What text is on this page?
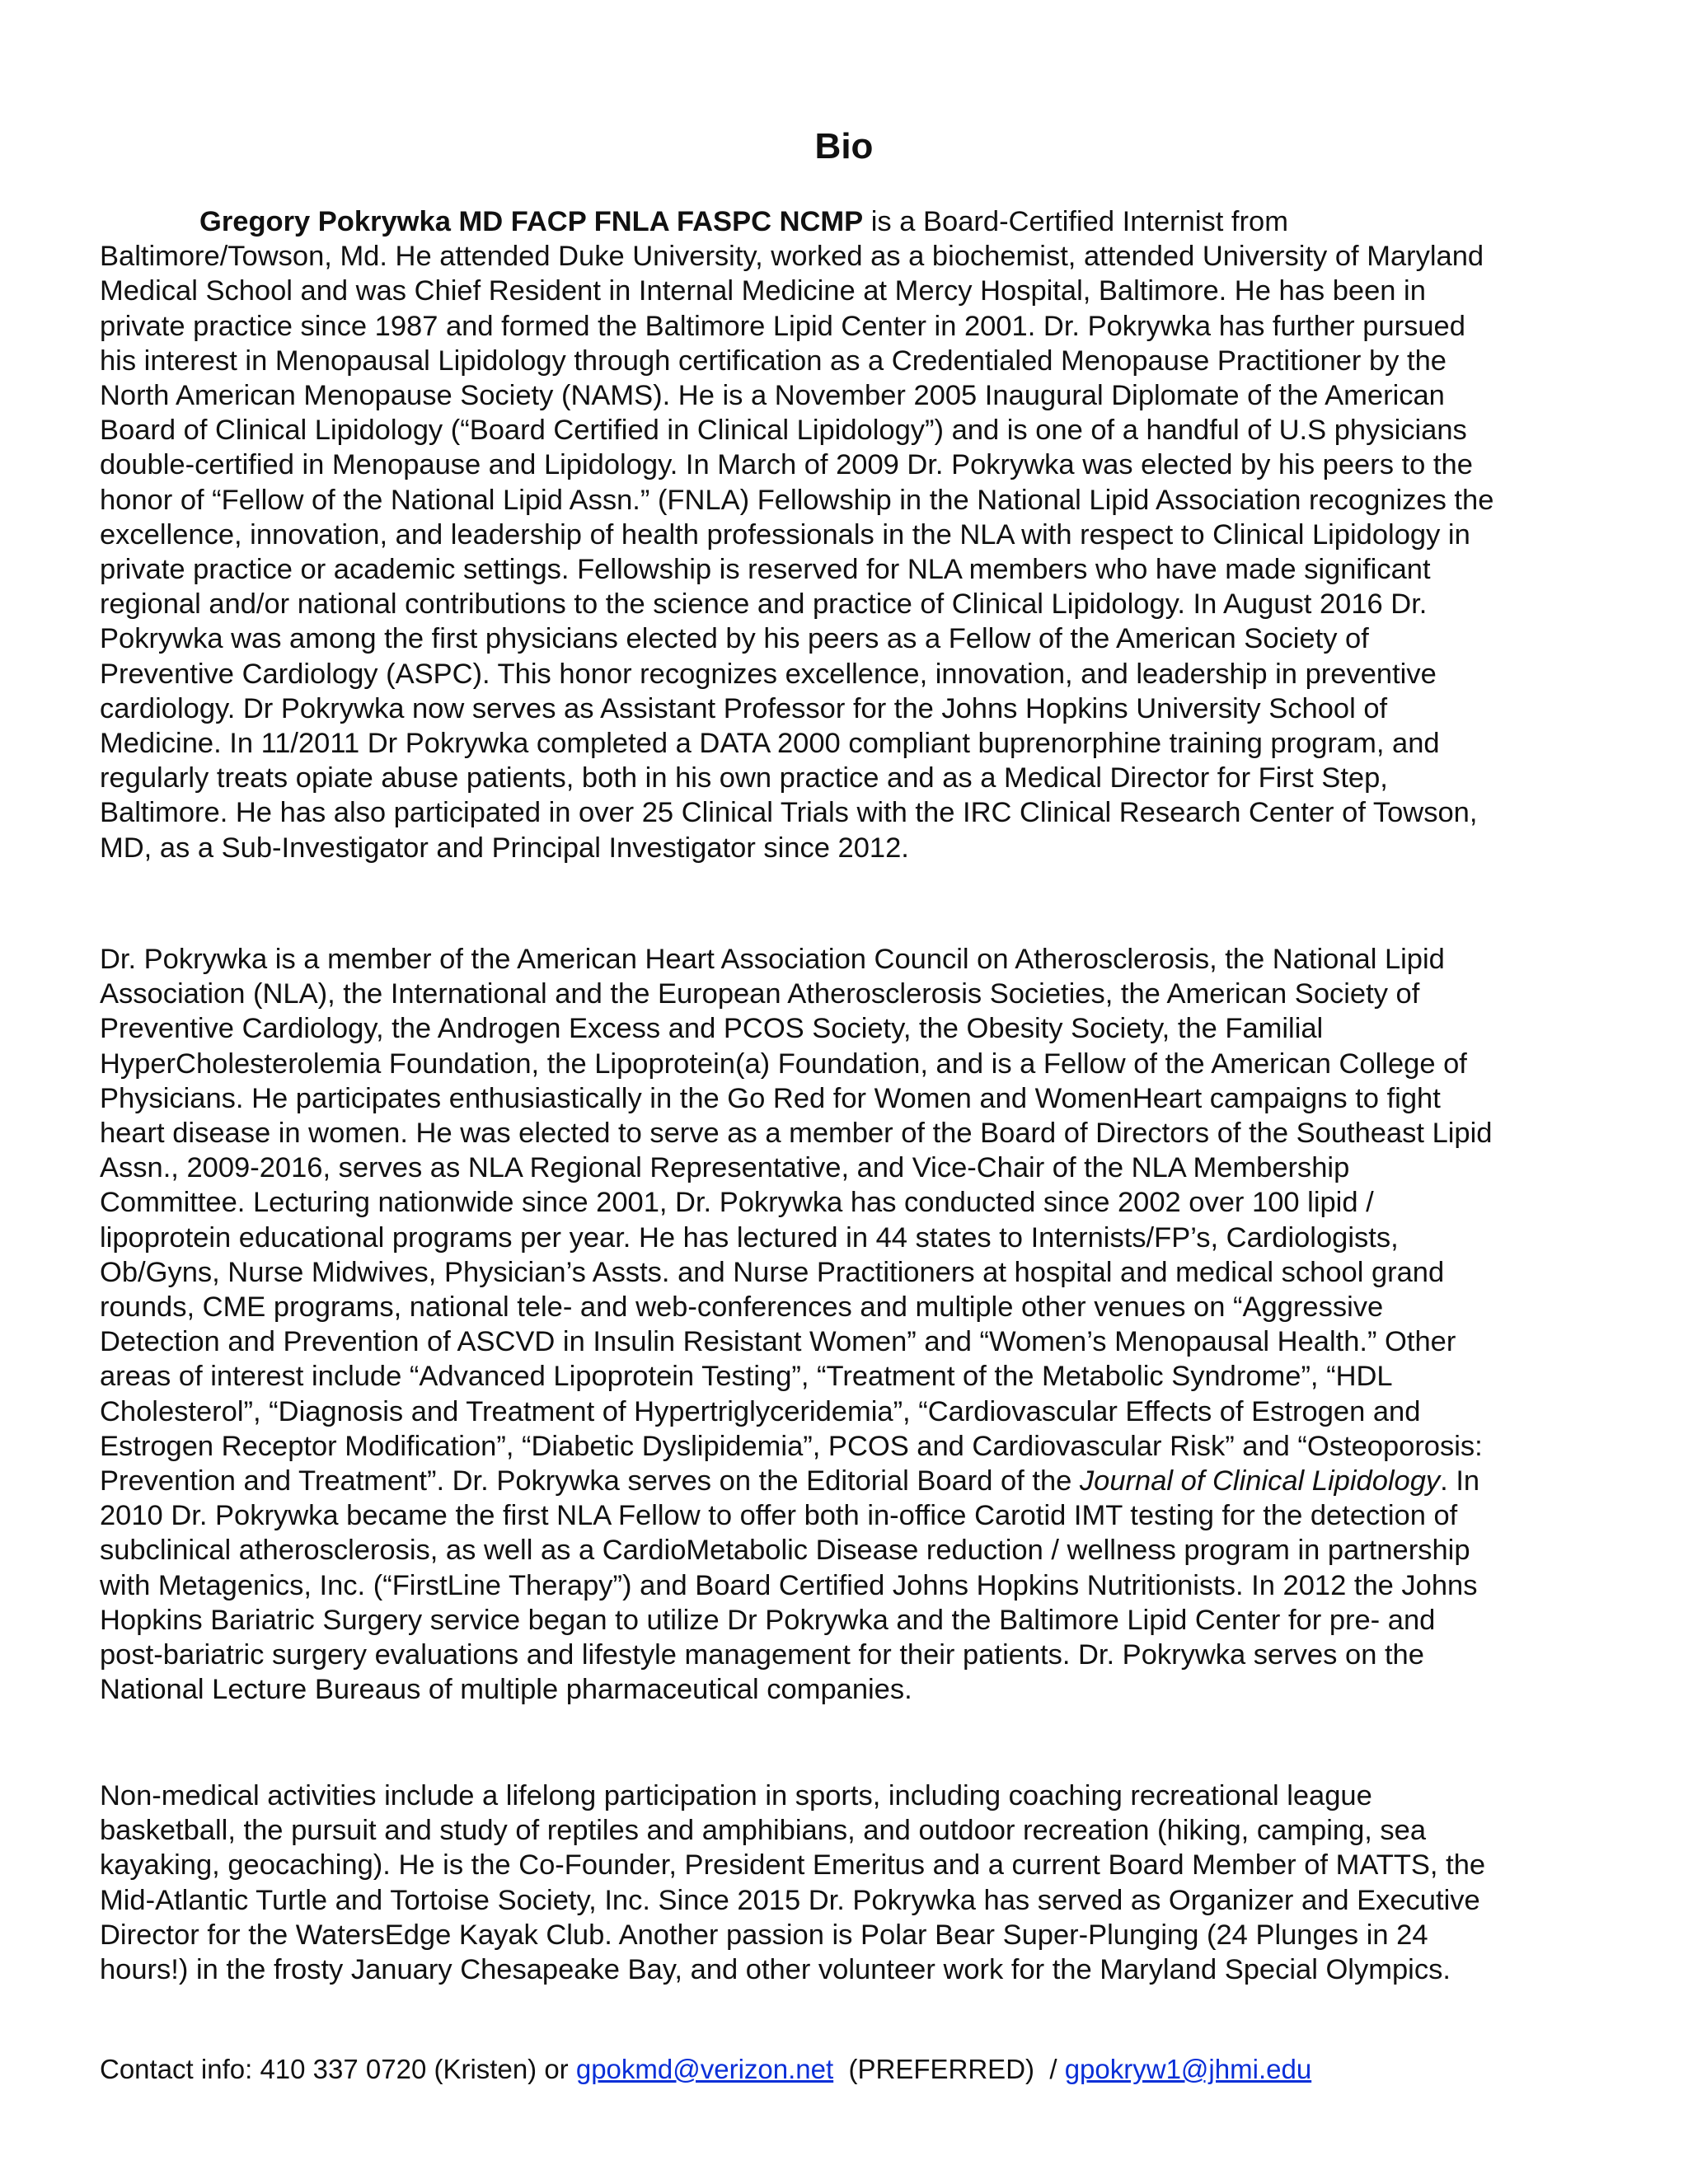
Bio
Gregory Pokrywka MD FACP FNLA FASPC NCMP is a Board-Certified Internist from Baltimore/Towson, Md. He attended Duke University, worked as a biochemist, attended University of Maryland Medical School and was Chief Resident in Internal Medicine at Mercy Hospital, Baltimore. He has been in private practice since 1987 and formed the Baltimore Lipid Center in 2001. Dr. Pokrywka has further pursued his interest in Menopausal Lipidology through certification as a Credentialed Menopause Practitioner by the North American Menopause Society (NAMS). He is a November 2005 Inaugural Diplomate of the American Board of Clinical Lipidology (“Board Certified in Clinical Lipidology”) and is one of a handful of U.S physicians double-certified in Menopause and Lipidology. In March of 2009 Dr. Pokrywka was elected by his peers to the honor of “Fellow of the National Lipid Assn.” (FNLA) Fellowship in the National Lipid Association recognizes the excellence, innovation, and leadership of health professionals in the NLA with respect to Clinical Lipidology in private practice or academic settings. Fellowship is reserved for NLA members who have made significant regional and/or national contributions to the science and practice of Clinical Lipidology. In August 2016 Dr. Pokrywka was among the first physicians elected by his peers as a Fellow of the American Society of Preventive Cardiology (ASPC). This honor recognizes excellence, innovation, and leadership in preventive cardiology. Dr Pokrywka now serves as Assistant Professor for the Johns Hopkins University School of Medicine. In 11/2011 Dr Pokrywka completed a DATA 2000 compliant buprenorphine training program, and regularly treats opiate abuse patients, both in his own practice and as a Medical Director for First Step, Baltimore. He has also participated in over 25 Clinical Trials with the IRC Clinical Research Center of Towson, MD, as a Sub-Investigator and Principal Investigator since 2012.
Dr. Pokrywka is a member of the American Heart Association Council on Atherosclerosis, the National Lipid Association (NLA), the International and the European Atherosclerosis Societies, the American Society of Preventive Cardiology, the Androgen Excess and PCOS Society, the Obesity Society, the Familial HyperCholesterolemia Foundation, the Lipoprotein(a) Foundation, and is a Fellow of the American College of Physicians. He participates enthusiastically in the Go Red for Women and WomenHeart campaigns to fight heart disease in women. He was elected to serve as a member of the Board of Directors of the Southeast Lipid Assn., 2009-2016, serves as NLA Regional Representative, and Vice-Chair of the NLA Membership Committee. Lecturing nationwide since 2001, Dr. Pokrywka has conducted since 2002 over 100 lipid / lipoprotein educational programs per year. He has lectured in 44 states to Internists/FP’s, Cardiologists, Ob/Gyns, Nurse Midwives, Physician’s Assts. and Nurse Practitioners at hospital and medical school grand rounds, CME programs, national tele- and web-conferences and multiple other venues on “Aggressive Detection and Prevention of ASCVD in Insulin Resistant Women” and “Women’s Menopausal Health.” Other areas of interest include “Advanced Lipoprotein Testing”, “Treatment of the Metabolic Syndrome”, “HDL Cholesterol”, “Diagnosis and Treatment of Hypertriglyceridemia”, “Cardiovascular Effects of Estrogen and Estrogen Receptor Modification”, “Diabetic Dyslipidemia”, PCOS and Cardiovascular Risk” and “Osteoporosis: Prevention and Treatment”. Dr. Pokrywka serves on the Editorial Board of the Journal of Clinical Lipidology. In 2010 Dr. Pokrywka became the first NLA Fellow to offer both in-office Carotid IMT testing for the detection of subclinical atherosclerosis, as well as a CardioMetabolic Disease reduction / wellness program in partnership with Metagenics, Inc. (“FirstLine Therapy”) and Board Certified Johns Hopkins Nutritionists. In 2012 the Johns Hopkins Bariatric Surgery service began to utilize Dr Pokrywka and the Baltimore Lipid Center for pre- and post-bariatric surgery evaluations and lifestyle management for their patients. Dr. Pokrywka serves on the National Lecture Bureaus of multiple pharmaceutical companies.
Non-medical activities include a lifelong participation in sports, including coaching recreational league basketball, the pursuit and study of reptiles and amphibians, and outdoor recreation (hiking, camping, sea kayaking, geocaching). He is the Co-Founder, President Emeritus and a current Board Member of MATTS, the Mid-Atlantic Turtle and Tortoise Society, Inc. Since 2015 Dr. Pokrywka has served as Organizer and Executive Director for the WatersEdge Kayak Club. Another passion is Polar Bear Super-Plunging (24 Plunges in 24 hours!) in the frosty January Chesapeake Bay, and other volunteer work for the Maryland Special Olympics.
Contact info: 410 337 0720 (Kristen) or gpokmd@verizon.net  (PREFERRED)  / gpokryw1@jhmi.edu
